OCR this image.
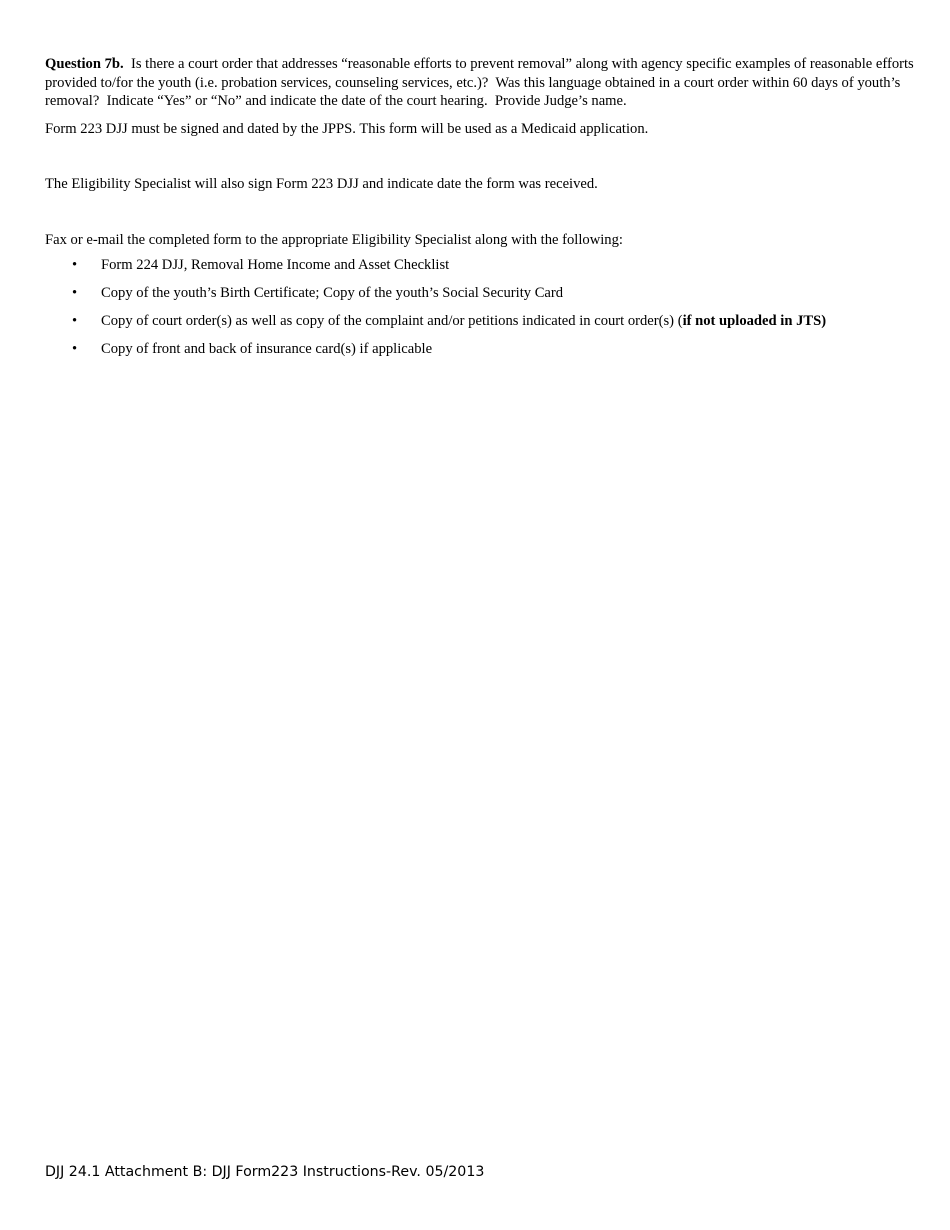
Question 7b.  Is there a court order that addresses “reasonable efforts to prevent removal” along with agency specific examples of reasonable efforts provided to/for the youth (i.e. probation services, counseling services, etc.)?  Was this language obtained in a court order within 60 days of youth’s removal?  Indicate “Yes” or “No” and indicate the date of the court hearing.  Provide Judge’s name.

Form 223 DJJ must be signed and dated by the JPPS. This form will be used as a Medicaid application.

The Eligibility Specialist will also sign Form 223 DJJ and indicate date the form was received.

Fax or e-mail the completed form to the appropriate Eligibility Specialist along with the following:

• Form 224 DJJ, Removal Home Income and Asset Checklist
• Copy of the youth’s Birth Certificate; Copy of the youth’s Social Security Card
• Copy of court order(s) as well as copy of the complaint and/or petitions indicated in court order(s) (if not uploaded in JTS)
• Copy of front and back of insurance card(s) if applicable
DJJ 24.1 Attachment B: DJJ Form223 Instructions-Rev. 05/2013
